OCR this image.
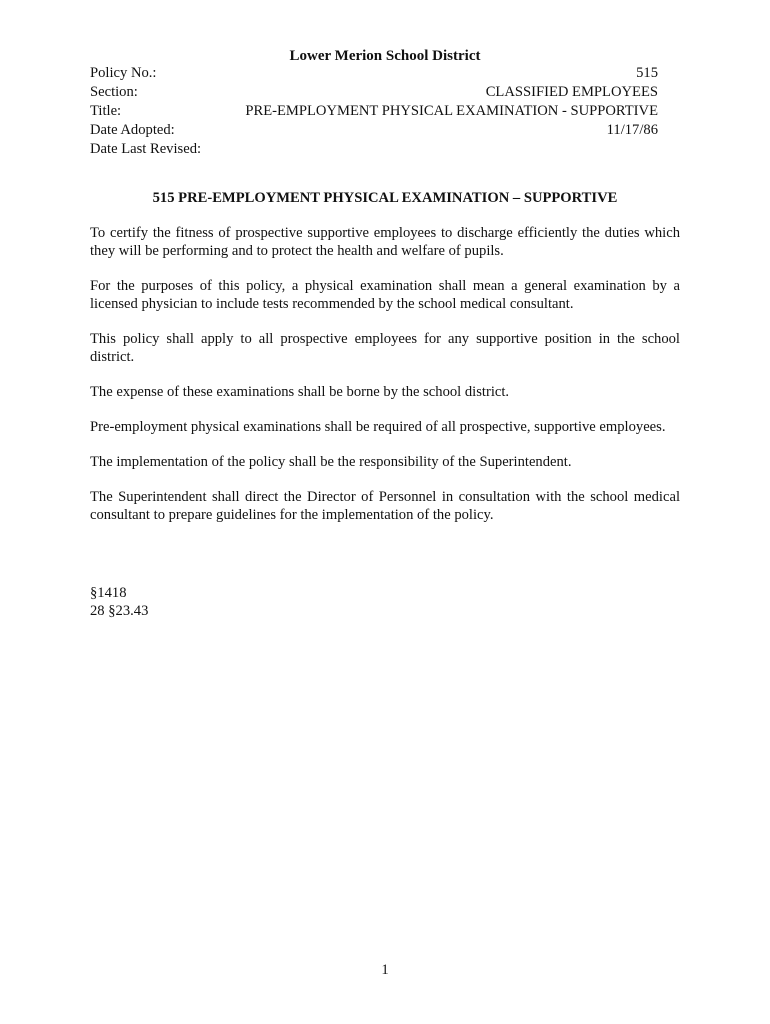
Lower Merion School District
Policy No.:	515
Section:	CLASSIFIED EMPLOYEES
Title:	PRE-EMPLOYMENT PHYSICAL EXAMINATION - SUPPORTIVE
Date Adopted:	11/17/86
Date Last Revised:
515 PRE-EMPLOYMENT PHYSICAL EXAMINATION – SUPPORTIVE

To certify the fitness of prospective supportive employees to discharge efficiently the duties which they will be performing and to protect the health and welfare of pupils.

For the purposes of this policy, a physical examination shall mean a general examination by a licensed physician to include tests recommended by the school medical consultant.

This policy shall apply to all prospective employees for any supportive position in the school district.

The expense of these examinations shall be borne by the school district.

Pre-employment physical examinations shall be required of all prospective, supportive employees.

The implementation of the policy shall be the responsibility of the Superintendent.

The Superintendent shall direct the Director of Personnel in consultation with the school medical consultant to prepare guidelines for the implementation of the policy.

§1418
28 §23.43
1
